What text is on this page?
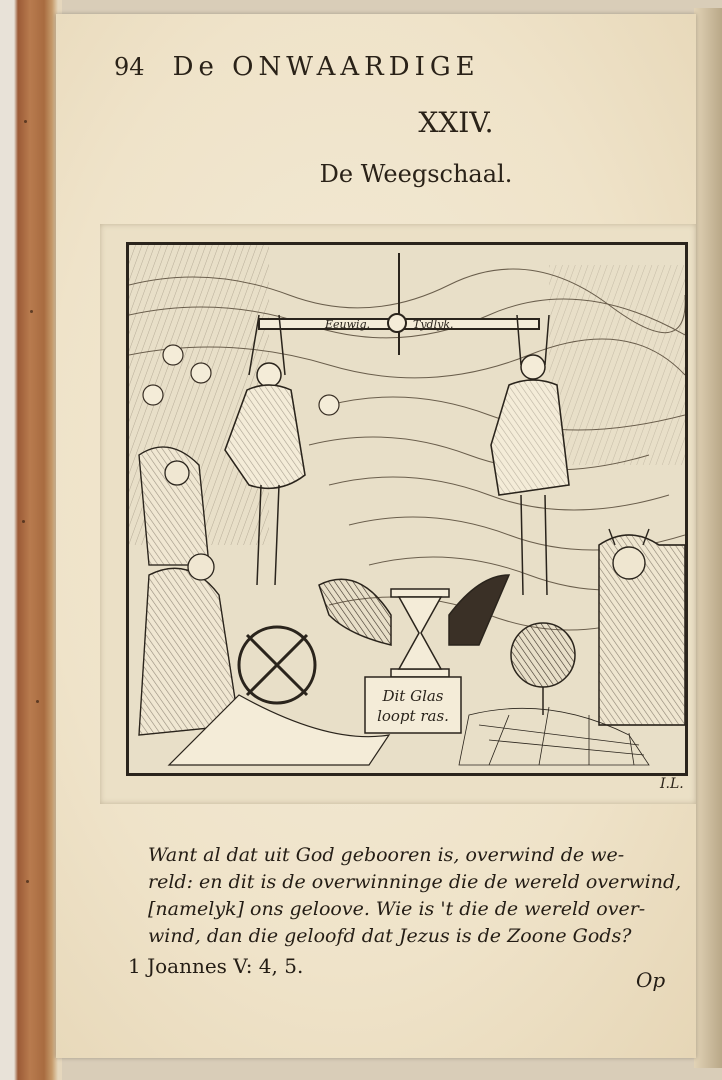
94 De ONWAARDIGE
XXIV.
De Weegschaal.
Eeuwig.	Tydlyk.
Dit Glas
loopt ras.
I.L.
Want al dat uit God gebooren is, overwind de we-
reld: en dit is de overwinninge die de wereld overwind,
[namelyk] ons geloove. Wie is 't die de wereld over-
wind, dan die geloofd dat Jezus is de Zoone Gods?
1 Joannes V: 4, 5.
Op
